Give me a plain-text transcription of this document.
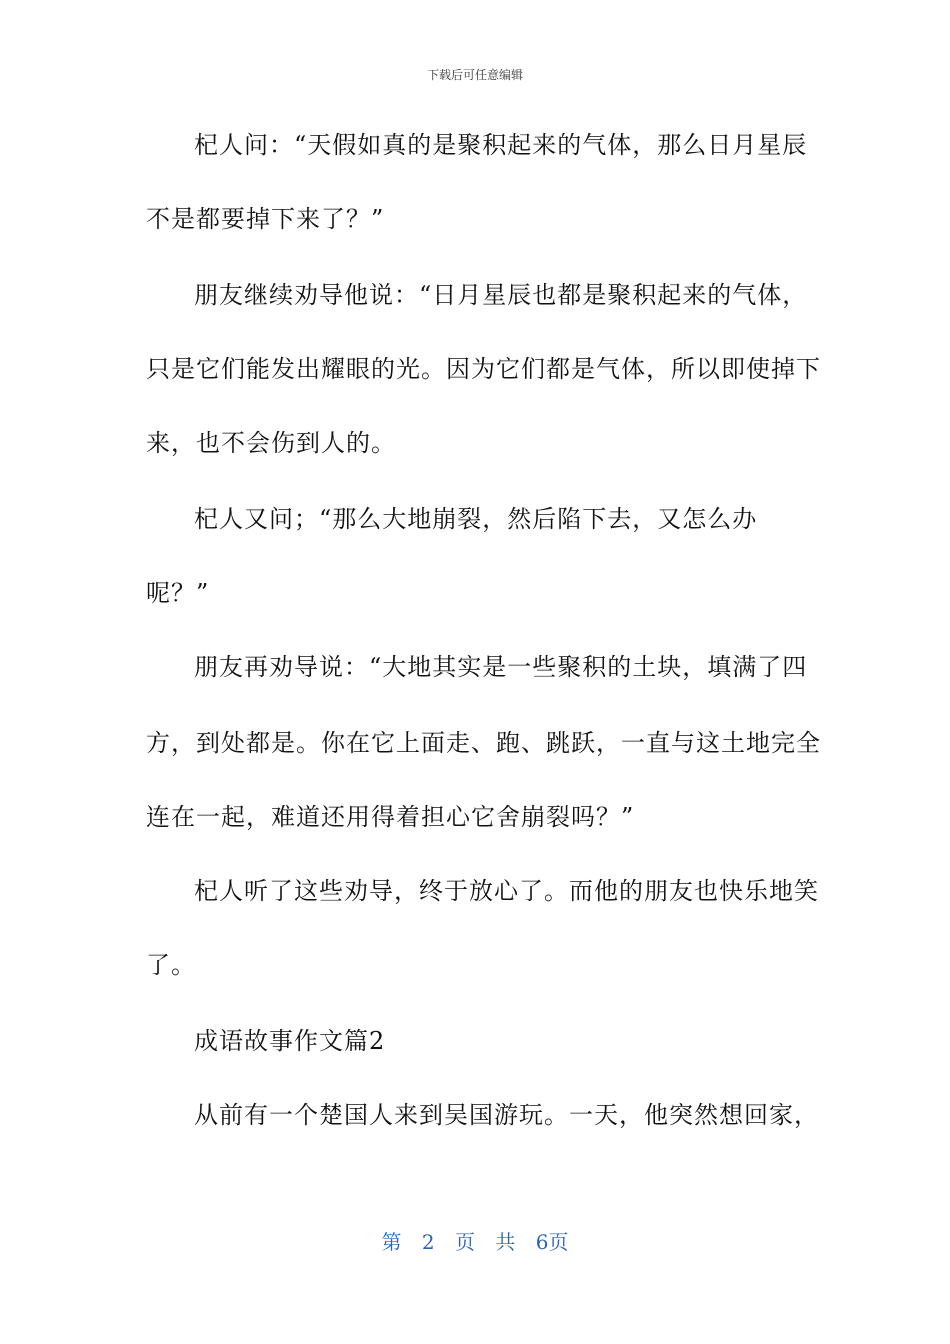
下载后可任意编辑
杞人问：“天假如真的是聚积起来的气体，那么日月星辰
不是都要掉下来了？”
朋友继续劝导他说：“日月星辰也都是聚积起来的气体，
只是它们能发出耀眼的光。因为它们都是气体，所以即使掉下
来，也不会伤到人的。
杞人又问；“那么大地崩裂，然后陷下去，又怎么办
呢？”
朋友再劝导说：“大地其实是一些聚积的土块，填满了四
方，到处都是。你在它上面走、跑、跳跃，一直与这土地完全
连在一起，难道还用得着担心它舍崩裂吗？”
杞人听了这些劝导，终于放心了。而他的朋友也快乐地笑
了。
成语故事作文篇2
从前有一个楚国人来到吴国游玩。一天，他突然想回家，
第 2 页 共 6页
